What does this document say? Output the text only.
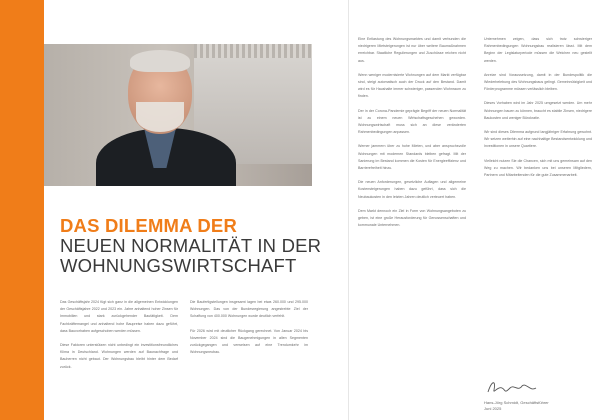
DAS DILEMMA DER
NEUEN NORMALITÄT IN DER
WOHNUNGSWIRTSCHAFT

Das Geschäftsjahr 2024 fügt sich ganz in die allgemeinen Entwicklungen der Geschäftsjahre 2022 und 2023 ein. Jahre anhaltend hoher Zinsen für Immobilien und stark zurückgehender Bautätigkeit. Dem Fachkräftemangel und anhaltend hohe Baupreise haben dazu geführt, dass Bauvorhaben aufgeschoben werden müssen.

Diese Faktoren unterstützen nicht unbedingt ein investitionsfreundliches Klima in Deutschland. Wohnungen werden auf Baunachfrage und Bauherren nicht gebaut. Der Wohnungsbau bleibt hinter dem Bedarf zurück.

Die Baufertigstellungen insgesamt lagen bei etwa 260.000 und 295.000 Wohnungen. Das von der Bundesregierung angestrebte Ziel der Schaffung von 400.000 Wohnungen wurde deutlich verfehlt.

Für 2026 wird mit deutlicher Rückgang gerechnet. Von Januar 2024 bis November 2024 sind die Baugenehmigungen in allen Segmenten zurückgegangen und verweisen auf eine Trendumkehr im Wohnungsneubau.

Eine Entlastung des Wohnungsmarktes und damit verbunden die niedrigeren Mietsteigerungen ist nur über weitere Baumaßnahmen erreichbar. Staatliche Regulierungen und Zuschüsse reichen nicht aus.

Wenn weniger modernisierte Wohnungen auf dem Markt verfügbar sind, steigt automatisch auch der Druck auf den Bestand. Damit wird es für Haushalte immer schwieriger, passenden Wohnraum zu finden.

Der in der Corona-Pandemie geprägte Begriff der neuen Normalität ist zu einem neuen Wirtschaftsgeschehen geworden. Wohnungswirtschaft muss sich an diese veränderten Rahmenbedingungen anpassen.

Werner jammern über zu hohe Mieten, und aber anspruchsvolle Wohnungen mit modernen Standards bleiben gefragt. Mit der Sanierung im Bestand kommen die Kosten für Energieeffizienz und Barrierefreiheit hinzu.

Die neuen Anforderungen, gesetzliche Auflagen und allgemeine Kostensteigerungen haben dazu geführt, dass sich die Neubaukosten in den letzten Jahren deutlich verteuert haben.

Dem Markt dennoch ein Ziel in Form von Wohnungsangeboten zu geben, ist eine große Herausforderung für Genossenschaften und kommunale Unternehmen.

Unternehmen zeigen, dass sich trotz schwieriger Rahmenbedingungen Wohnungsbau realisieren lässt. Mit dem Beginn der Legislaturperiode müssen die Weichen neu gestellt werden.

Anreize sind Voraussetzung, damit in der Bundespolitik die Wiederbelebung des Wohnungsbaus gelingt. Gemeinnützigkeit und Förderprogramme müssen verlässlich bleiben.

Dieses Vorhaben wird im Jahr 2025 umgesetzt werden. Um mehr Wohnungen bauen zu können, braucht es stabile Zinsen, niedrigere Baukosten und weniger Bürokratie.

Wir sind dieses Dilemma aufgrund langjähriger Erfahrung gewohnt. Wir setzen weiterhin auf eine nachhaltige Bestandsentwicklung und Investitionen in unsere Quartiere.

Vielleicht nutzen Sie die Chancen, sich mit uns gemeinsam auf den Weg zu machen. Wir bedanken uns bei unseren Mitgliedern, Partnern und Mitarbeitenden für die gute Zusammenarbeit.

Hans-Jörg Schmidt, Geschäftsführer
Juni 2025
